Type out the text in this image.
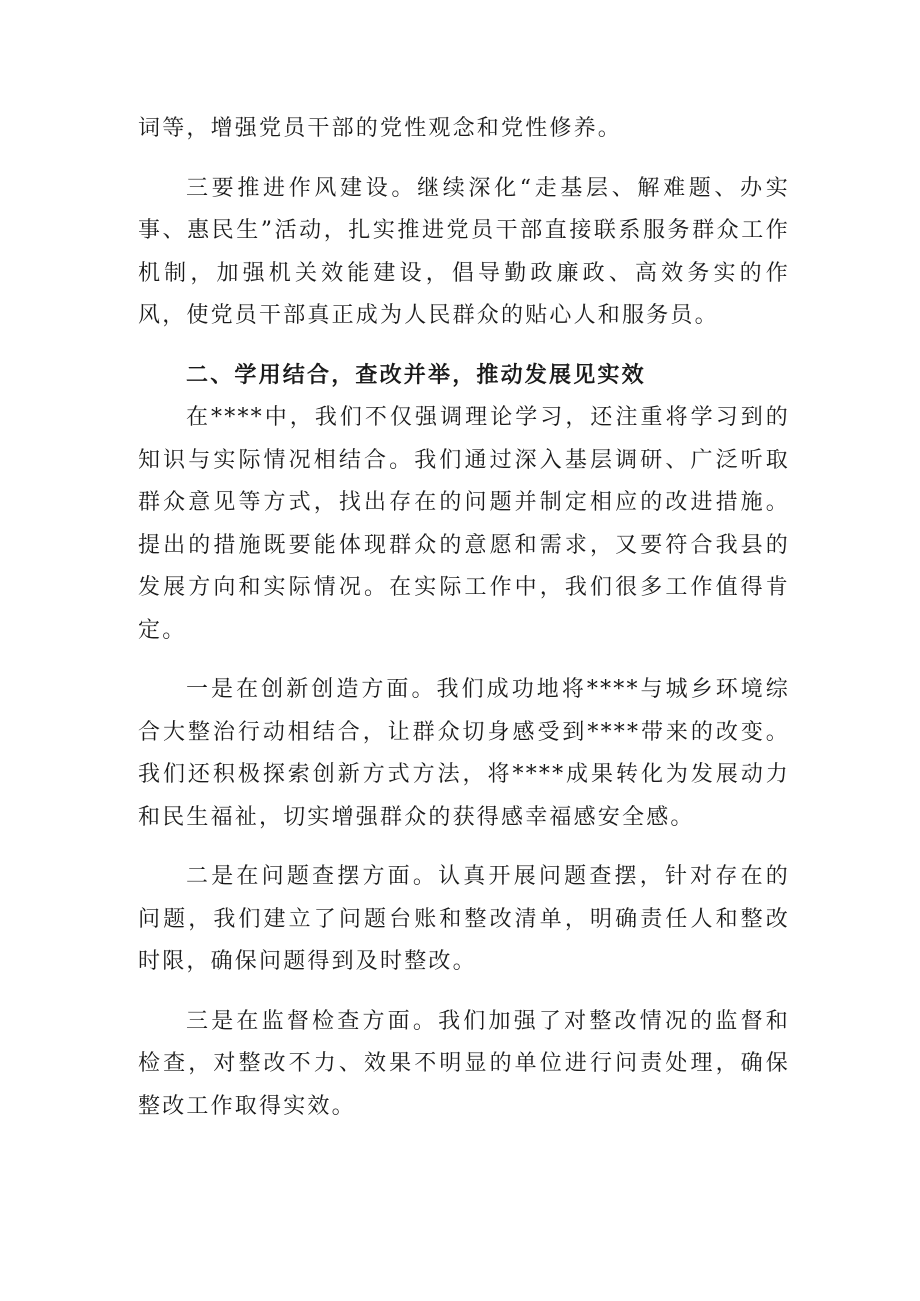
词等，增强党员干部的党性观念和党性修养。

三要推进作风建设。继续深化“走基层、解难题、办实事、惠民生”活动，扎实推进党员干部直接联系服务群众工作机制，加强机关效能建设，倡导勤政廉政、高效务实的作风，使党员干部真正成为人民群众的贴心人和服务员。

二、学用结合，查改并举，推动发展见实效

在****中，我们不仅强调理论学习，还注重将学习到的知识与实际情况相结合。我们通过深入基层调研、广泛听取群众意见等方式，找出存在的问题并制定相应的改进措施。提出的措施既要能体现群众的意愿和需求，又要符合我县的发展方向和实际情况。在实际工作中，我们很多工作值得肯定。

一是在创新创造方面。我们成功地将****与城乡环境综合大整治行动相结合，让群众切身感受到****带来的改变。我们还积极探索创新方式方法，将****成果转化为发展动力和民生福祉，切实增强群众的获得感幸福感安全感。

二是在问题查摆方面。认真开展问题查摆，针对存在的问题，我们建立了问题台账和整改清单，明确责任人和整改时限，确保问题得到及时整改。

三是在监督检查方面。我们加强了对整改情况的监督和检查，对整改不力、效果不明显的单位进行问责处理，确保整改工作取得实效。
